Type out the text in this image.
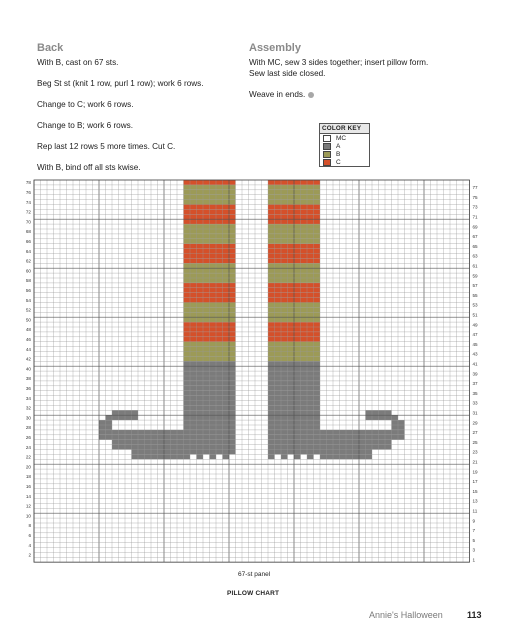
Back
With B, cast on 67 sts.
Beg St st (knit 1 row, purl 1 row); work 6 rows.
Change to C; work 6 rows.
Change to B; work 6 rows.
Rep last 12 rows 5 more times. Cut C.
With B, bind off all sts kwise.
Assembly
With MC, sew 3 sides together; insert pillow form.
Sew last side closed.
Weave in ends.
COLOR KEY
MC
A
B
C
78
76
74
72
70
68
66
64
62
60
58
56
54
52
50
48
46
44
42
40
38
36
34
32
30
28
26
24
22
20
18
16
14
12
10
8
6
4
2
77
75
73
71
69
67
65
63
61
59
57
55
53
51
49
47
45
43
41
39
37
35
33
31
29
27
25
23
21
19
17
15
13
11
9
7
5
3
1
67-st panel
PILLOW CHART
Annie's Halloween	113
